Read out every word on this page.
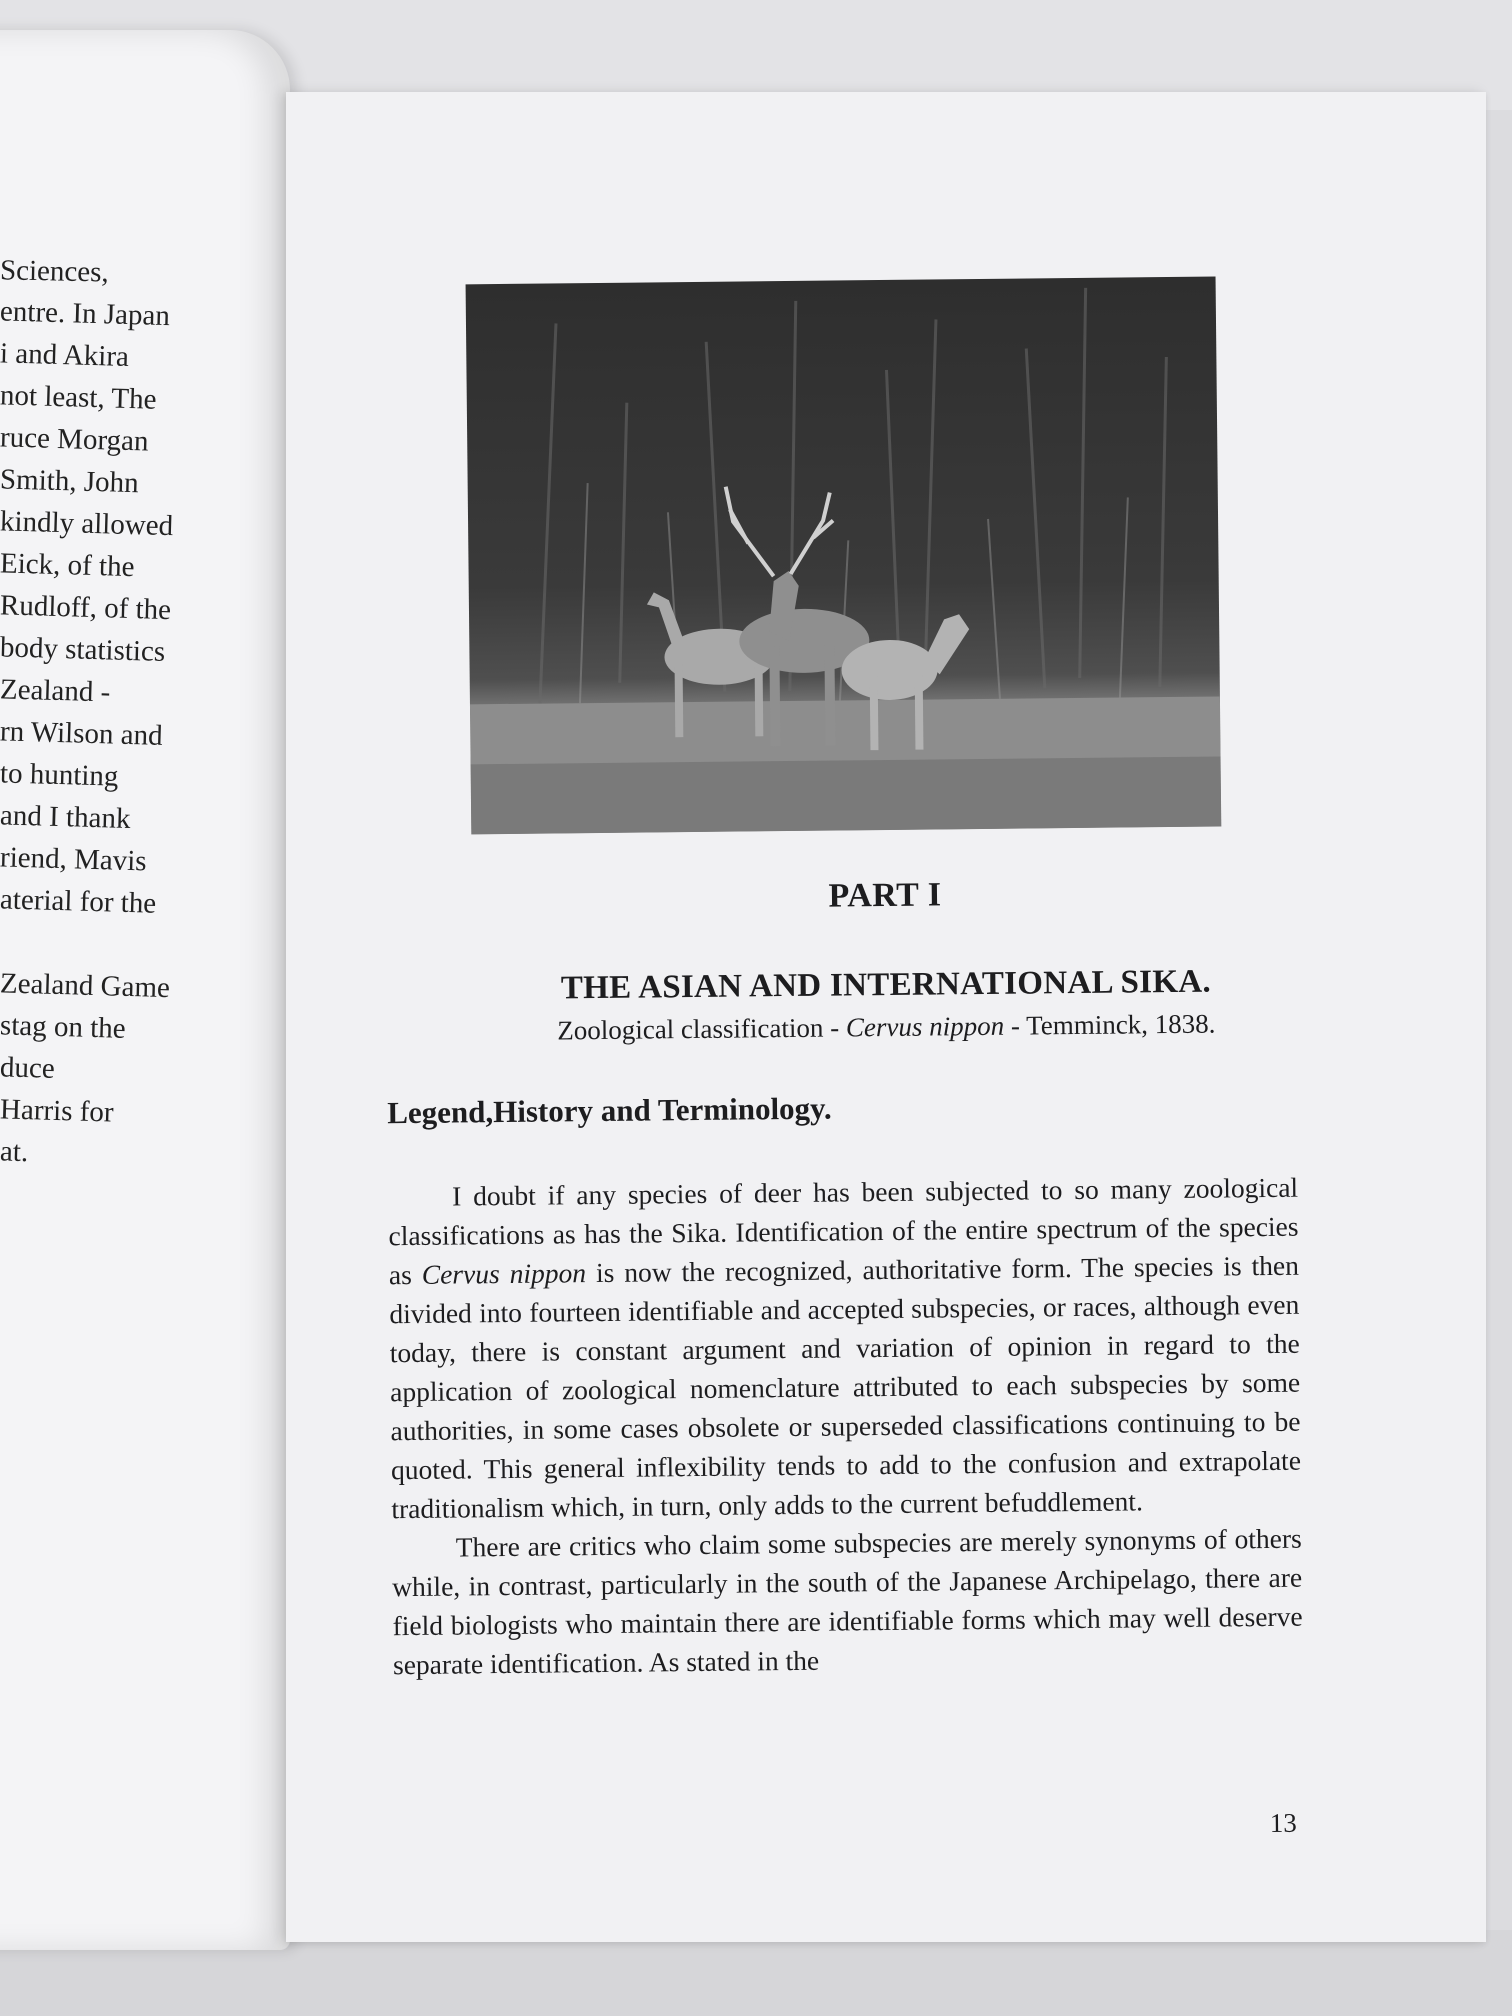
Sciences,
entre. In Japan
i and Akira
not least, The
ruce Morgan
Smith, John
kindly allowed
Eick, of the
Rudloff, of the
body statistics
Zealand -
rn Wilson and
to hunting
and I thank
riend, Mavis
aterial for the

Zealand Game
stag on the
duce
Harris for
at.
PART I
THE ASIAN AND INTERNATIONAL SIKA.
Zoological classification - Cervus nippon - Temminck, 1838.
Legend,History and Terminology.

I doubt if any species of deer has been subjected to so many zoological classifications as has the Sika. Identification of the entire spectrum of the species as Cervus nippon is now the recognized, authoritative form. The species is then divided into fourteen identifiable and accepted subspecies, or races, although even today, there is constant argument and variation of opinion in regard to the application of zoological nomenclature attributed to each subspecies by some authorities, in some cases obsolete or superseded classifications continuing to be quoted. This general inflexibility tends to add to the confusion and extrapolate traditionalism which, in turn, only adds to the current befuddlement.

There are critics who claim some subspecies are merely synonyms of others while, in contrast, particularly in the south of the Japanese Archipelago, there are field biologists who maintain there are identifiable forms which may well deserve separate identification. As stated in the

13
